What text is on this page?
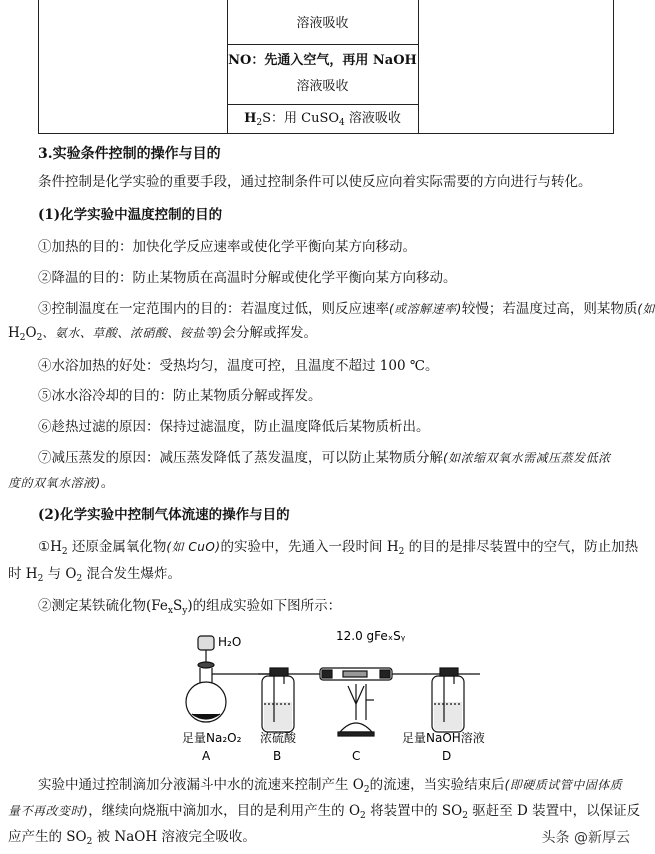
溶液吸收
NO：先通入空气，再用 NaOH
溶液吸收
$H_2S$：用 CuSO$_4$ 溶液吸收
3.实验条件控制的操作与目的
条件控制是化学实验的重要手段，通过控制条件可以使反应向着实际需要的方向进行与转化。
(1)化学实验中温度控制的目的
①加热的目的：加快化学反应速率或使化学平衡向某方向移动。
②降温的目的：防止某物质在高温时分解或使化学平衡向某方向移动。
③控制温度在一定范围内的目的：若温度过低，则反应速率(或溶解速率)较慢；若温度过高，则某物质(如
$H_2O_2$、氨水、草酸、浓硝酸、铵盐等)会分解或挥发。
④水浴加热的好处：受热均匀，温度可控，且温度不超过 100 ℃。
⑤冰水浴冷却的目的：防止某物质分解或挥发。
⑥趁热过滤的原因：保持过滤温度，防止温度降低后某物质析出。
⑦减压蒸发的原因：减压蒸发降低了蒸发温度，可以防止某物质分解(如浓缩双氧水需减压蒸发低浓
度的双氧水溶液)。
(2)化学实验中控制气体流速的操作与目的
$①H_2$ 还原金属氧化物(如 CuO)的实验中，先通入一段时间 $H_2$ 的目的是排尽装置中的空气，防止加热
时 $H_2$ 与 $O_2$ 混合发生爆炸。
②测定某铁硫化物$(Fe_xS_y)$的组成实验如下图所示：
H₂O	12.0 gFeₓSᵧ
足量Na₂O₂ 浓硫酸	足量NaOH溶液
A	B	C	D
实验中通过控制滴加分液漏斗中水的流速来控制产生 $O_2$的流速，当实验结束后(即硬质试管中固体质
量不再改变时)，继续向烧瓶中滴加水，目的是利用产生的 $O_2$ 将装置中的 $SO_2$ 驱赶至 D 装置中，以保证反
应产生的 $SO_2$ 被 NaOH 溶液完全吸收。	头条 @新厚云
